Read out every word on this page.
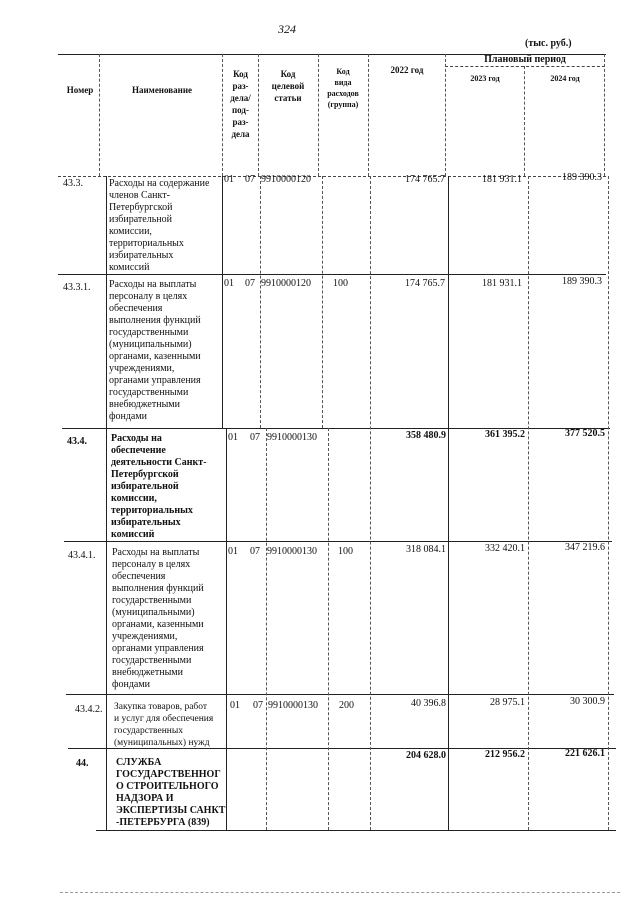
324
(тыс. руб.)
Номер	Наименование
Код
раз-
дела/
под-
раз-
дела
Код
целевой
статьи
Код
вида
расходов
(группа)
2022 год
Плановый период
2023 год	2024 год
43.3.	Расходы на содержание
членов Санкт-
Петербургской
избирательной
комиссии,
территориальных
избирательных
комиссий
01 07 9910000120	174 765.7	181 931.1	189 390.3
43.3.1. Расходы на выплаты
персоналу в целях
обеспечения
выполнения функций
государственными
(муниципальными)
органами, казенными
учреждениями,
органами управления
государственными
внебюджетными
фондами
01 07 9910000120 100	174 765.7	181 931.1	189 390.3
43.4. Расходы на
обеспечение
деятельности Санкт-
Петербургской
избирательной
комиссии,
территориальных
избирательных
комиссий
01 07 9910000130	358 480.9	361 395.2	377 520.5
43.4.1. Расходы на выплаты
персоналу в целях
обеспечения
выполнения функций
государственными
(муниципальными)
органами, казенными
учреждениями,
органами управления
государственными
внебюджетными
фондами
01 07 9910000130 100	318 084.1	332 420.1	347 219.6
43.4.2. Закупка товаров, работ
и услуг для обеспечения
государственных
(муниципальных) нужд
01 07 9910000130 200	40 396.8	28 975.1	30 300.9
44.	СЛУЖБА
ГОСУДАРСТВЕННОГ
О СТРОИТЕЛЬНОГО
НАДЗОРА И
ЭКСПЕРТИЗЫ САНКТ
-ПЕТЕРБУРГА (839)
204 628.0	212 956.2	221 626.1
